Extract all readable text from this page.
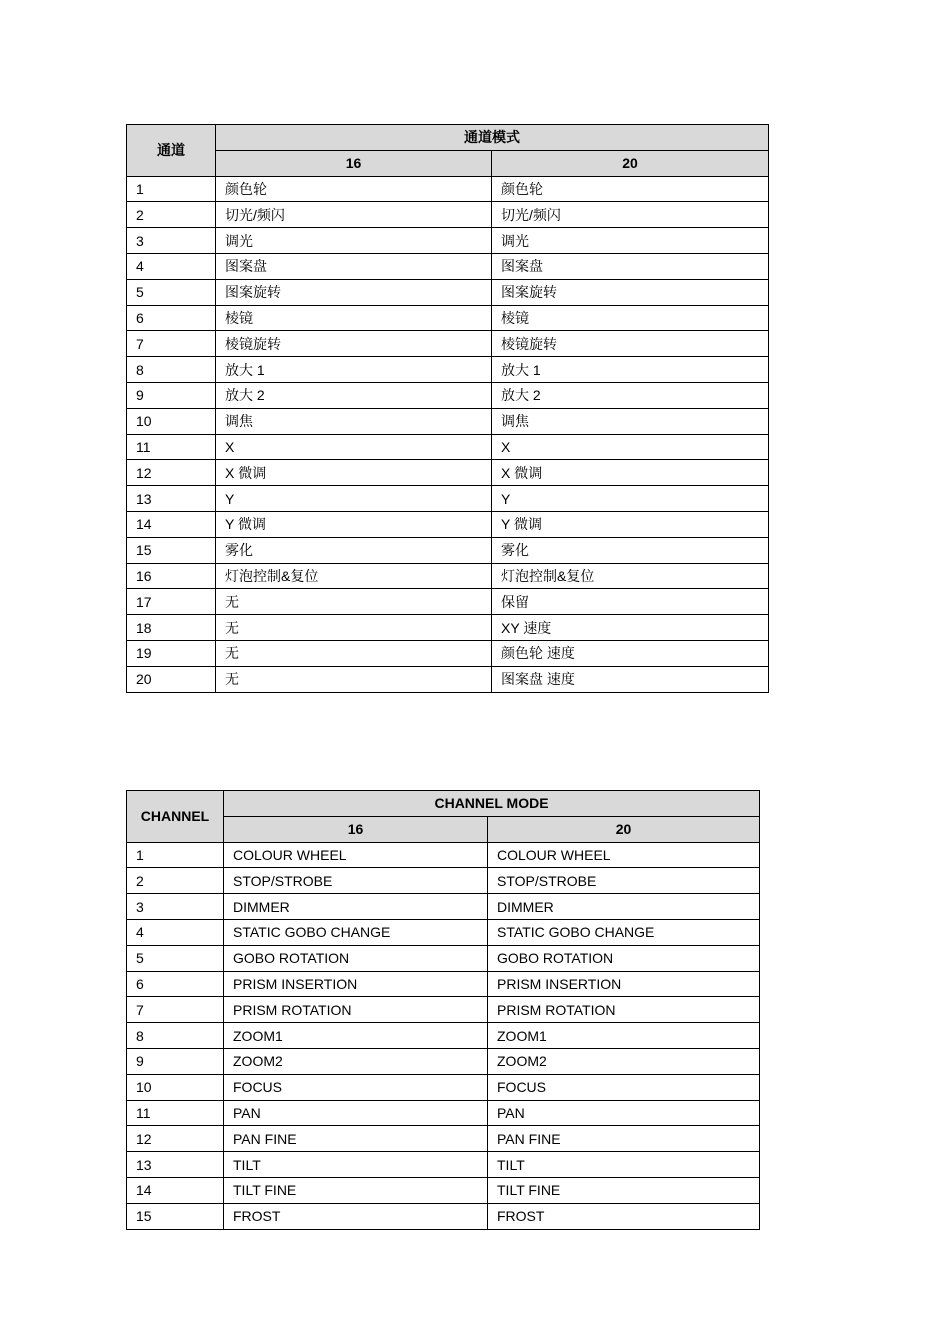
通道	通道模式	
	16	20
1	颜色轮	颜色轮
2	切光/频闪	切光/频闪
3	调光	调光
4	图案盘	图案盘
5	图案旋转	图案旋转
6	棱镜	棱镜
7	棱镜旋转	棱镜旋转
8	放大 1	放大 1
9	放大 2	放大 2
10	调焦	调焦
11	X	X
12	X 微调	X 微调
13	Y	Y
14	Y 微调	Y 微调
15	雾化	雾化
16	灯泡控制&复位	灯泡控制&复位
17	无	保留
18	无	XY 速度
19	无	颜色轮 速度
20	无	图案盘 速度
CHANNEL	CHANNEL MODE	
	16	20
1	COLOUR WHEEL	COLOUR WHEEL
2	STOP/STROBE	STOP/STROBE
3	DIMMER	DIMMER
4	STATIC GOBO CHANGE	STATIC GOBO CHANGE
5	GOBO ROTATION	GOBO ROTATION
6	PRISM INSERTION	PRISM INSERTION
7	PRISM ROTATION	PRISM ROTATION
8	ZOOM1	ZOOM1
9	ZOOM2	ZOOM2
10	FOCUS	FOCUS
11	PAN	PAN
12	PAN FINE	PAN FINE
13	TILT	TILT
14	TILT FINE	TILT FINE
15	FROST	FROST
